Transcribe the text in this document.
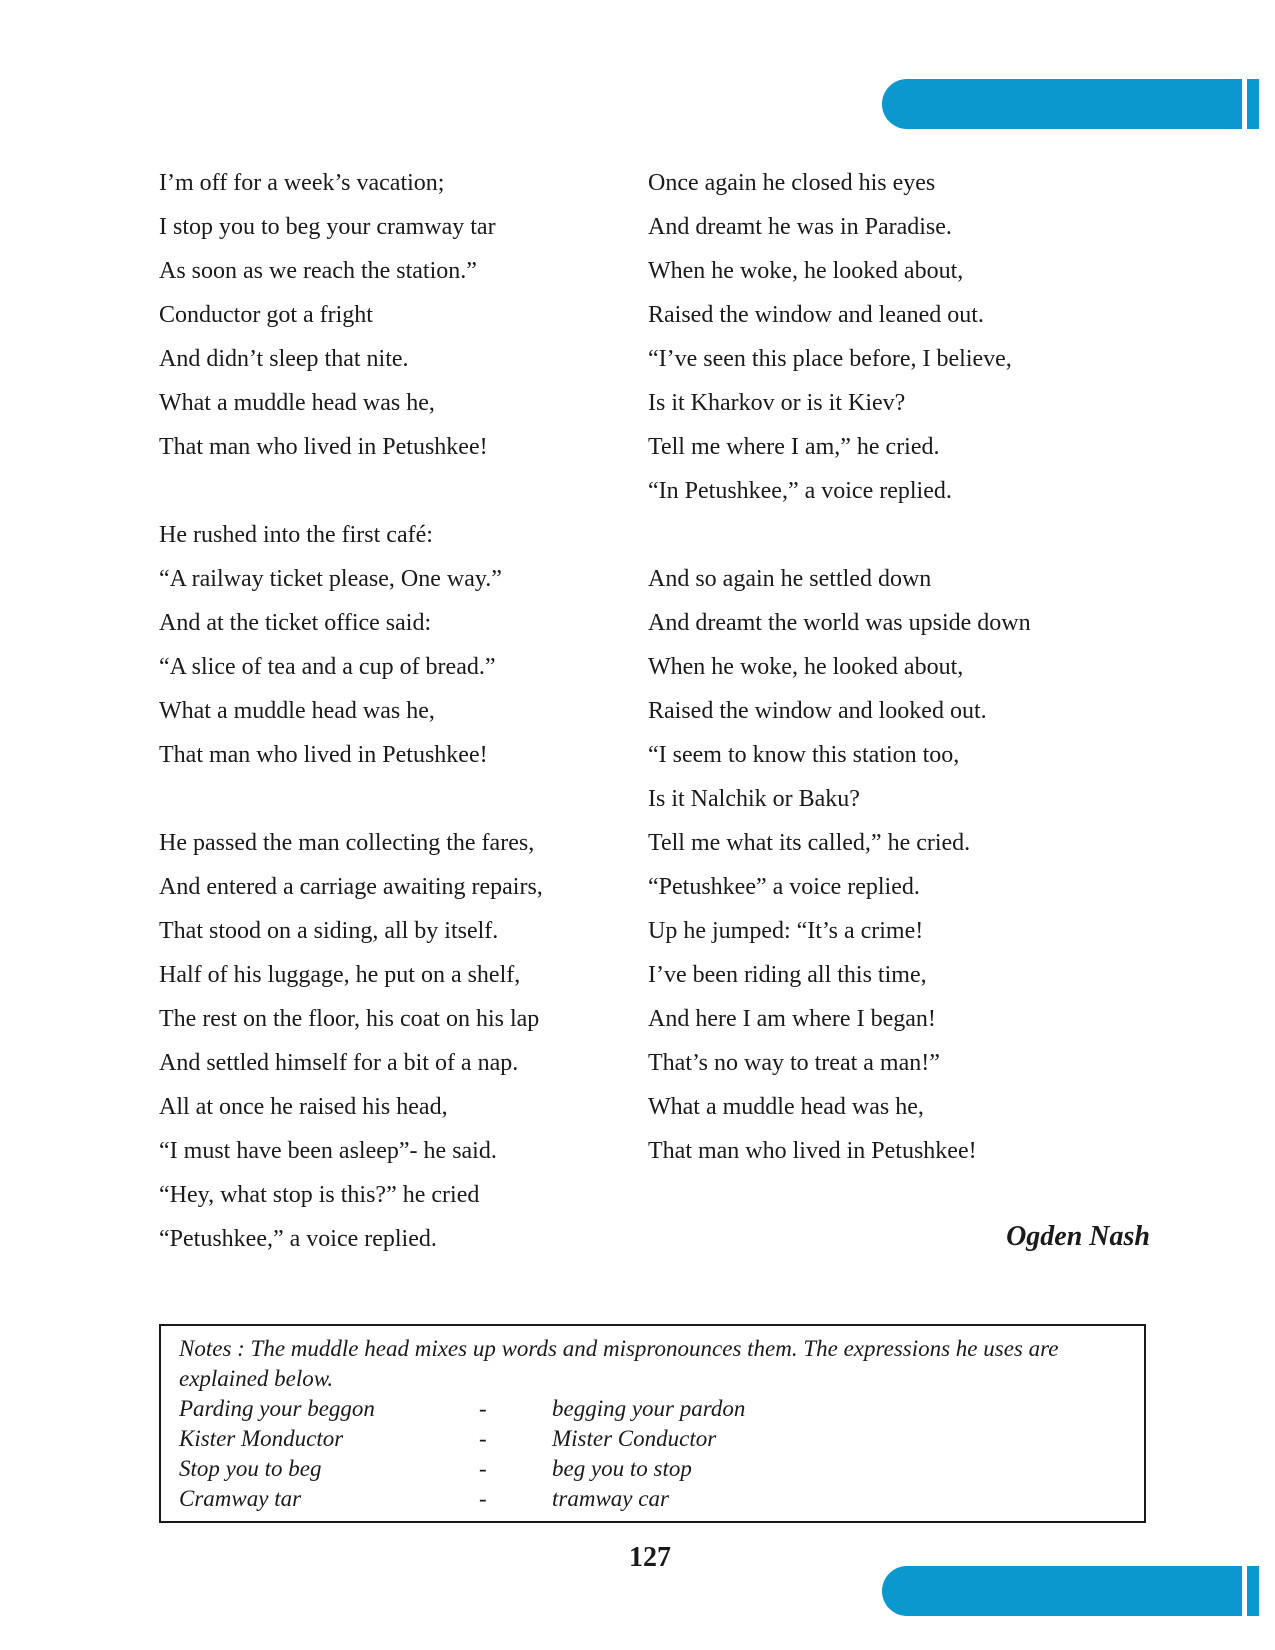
I’m off for a week’s vacation;
I stop you to beg your cramway tar
As soon as we reach the station.”
Conductor got a fright
And didn’t sleep that nite.
What a muddle head was he,
That man who lived in Petushkee!
He rushed into the first café:
“A railway ticket please, One way.”
And at the ticket office said:
“A slice of tea and a cup of bread.”
What a muddle head was he,
That man who lived in Petushkee!
He passed the man collecting the fares,
And entered a carriage awaiting repairs,
That stood on a siding, all by itself.
Half of his luggage, he put on a shelf,
The rest on the floor, his coat on his lap
And settled himself for a bit of a nap.
All at once he raised his head,
“I must have been asleep”- he said.
“Hey, what stop is this?” he cried
“Petushkee,” a voice replied.
Once again he closed his eyes
And dreamt he was in Paradise.
When he woke, he looked about,
Raised the window and leaned out.
“I’ve seen this place before, I believe,
Is it Kharkov or is it Kiev?
Tell me where I am,” he cried.
“In Petushkee,” a voice replied.
And so again he settled down
And dreamt the world was upside down
When he woke, he looked about,
Raised the window and looked out.
“I seem to know this station too,
Is it Nalchik or Baku?
Tell me what its called,” he cried.
“Petushkee” a voice replied.
Up he jumped: “It’s a crime!
I’ve been riding all this time,
And here I am where I began!
That’s no way to treat a man!”
What a muddle head was he,
That man who lived in Petushkee!
Ogden Nash

Notes : The muddle head mixes up words and mispronounces them. The expressions he uses are explained below.

Parding your beggon	-	begging your pardon
Kister Monductor	-	Mister Conductor
Stop you to beg	-	beg you to stop
Cramway tar	-	tramway car
127
